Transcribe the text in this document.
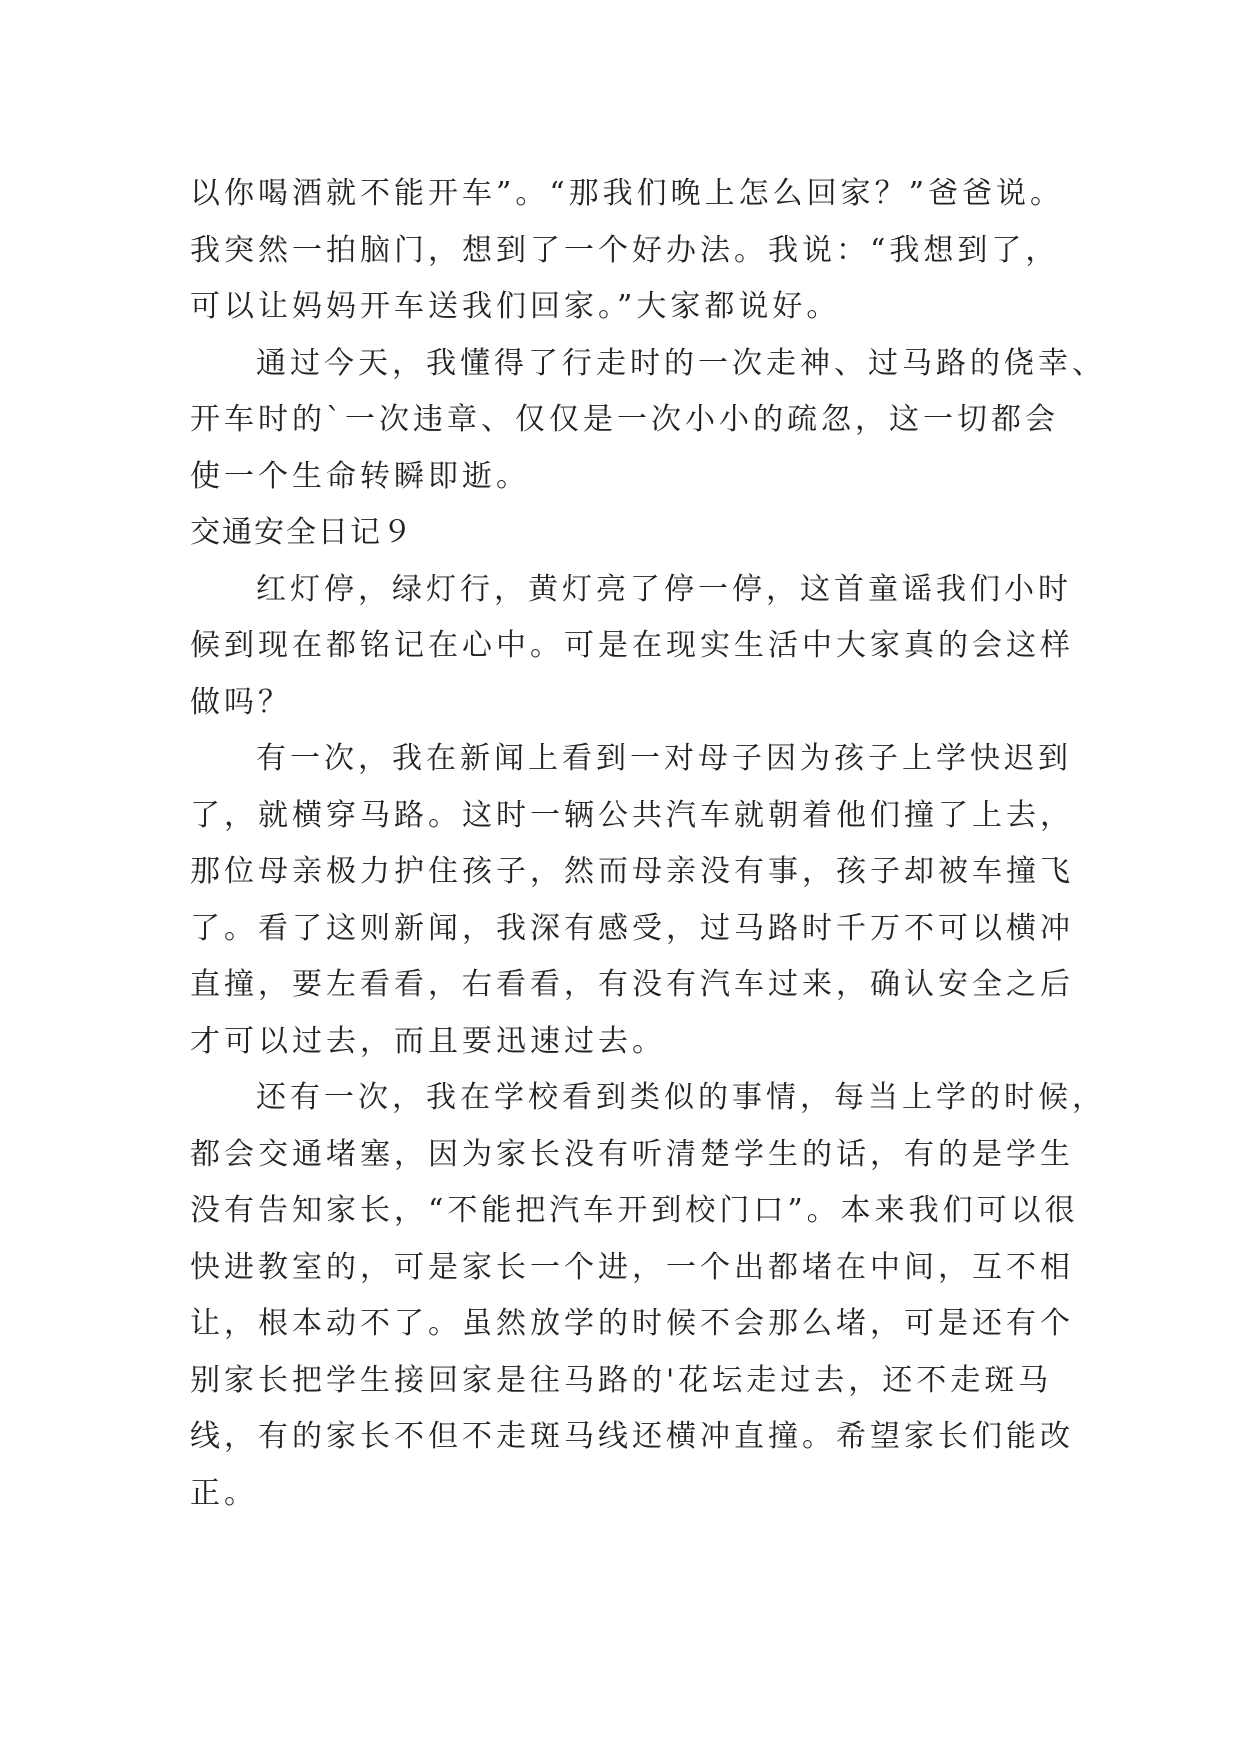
以你喝酒就不能开车”。“那我们晚上怎么回家？”爸爸说。
我突然一拍脑门，想到了一个好办法。我说：“我想到了，
可以让妈妈开车送我们回家。”大家都说好。
通过今天，我懂得了行走时的一次走神、过马路的侥幸、
开车时的`一次违章、仅仅是一次小小的疏忽，这一切都会
使一个生命转瞬即逝。
交通安全日记９
红灯停，绿灯行，黄灯亮了停一停，这首童谣我们小时
候到现在都铭记在心中。可是在现实生活中大家真的会这样
做吗？
有一次，我在新闻上看到一对母子因为孩子上学快迟到
了，就横穿马路。这时一辆公共汽车就朝着他们撞了上去，
那位母亲极力护住孩子，然而母亲没有事，孩子却被车撞飞
了。看了这则新闻，我深有感受，过马路时千万不可以横冲
直撞，要左看看，右看看，有没有汽车过来，确认安全之后
才可以过去，而且要迅速过去。
还有一次，我在学校看到类似的事情，每当上学的时候，
都会交通堵塞，因为家长没有听清楚学生的话，有的是学生
没有告知家长，“不能把汽车开到校门口”。本来我们可以很
快进教室的，可是家长一个进，一个出都堵在中间，互不相
让，根本动不了。虽然放学的时候不会那么堵，可是还有个
别家长把学生接回家是往马路的'花坛走过去，还不走斑马
线，有的家长不但不走斑马线还横冲直撞。希望家长们能改
正。
